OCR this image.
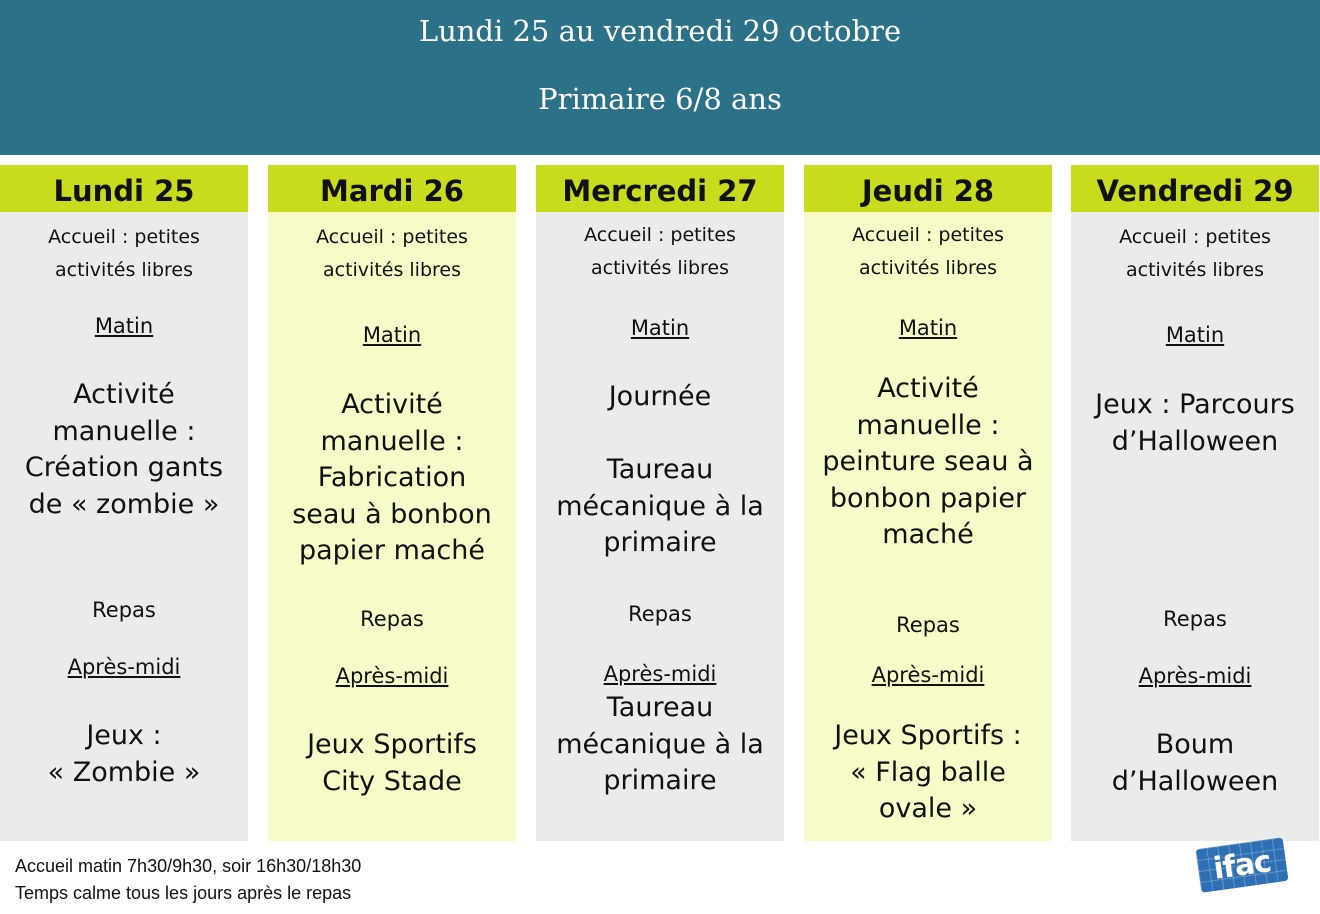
Lundi 25 au vendredi 29 octobre
Primaire 6/8 ans
Lundi 25
Accueil : petites
activités libres
Matin
Activité
manuelle :
Création gants
de « zombie »
Repas
Après-midi
Jeux :
« Zombie »
Mardi 26
Accueil : petites
activités libres
Matin
Activité
manuelle :
Fabrication
seau à bonbon
papier maché
Repas
Après-midi
Jeux Sportifs
City Stade
Mercredi 27
Accueil : petites
activités libres
Matin
Journée

Taureau
mécanique à la
primaire
Repas
Après-midi
Taureau
mécanique à la
primaire
Jeudi 28
Accueil : petites
activités libres
Matin
Activité
manuelle :
peinture seau à
bonbon papier
maché
Repas
Après-midi
Jeux Sportifs :
« Flag balle
ovale »
Vendredi 29
Accueil : petites
activités libres
Matin
Jeux : Parcours
d’Halloween
Repas
Après-midi
Boum
d’Halloween
Accueil matin 7h30/9h30, soir 16h30/18h30
Temps calme tous les jours après le repas
ifac
